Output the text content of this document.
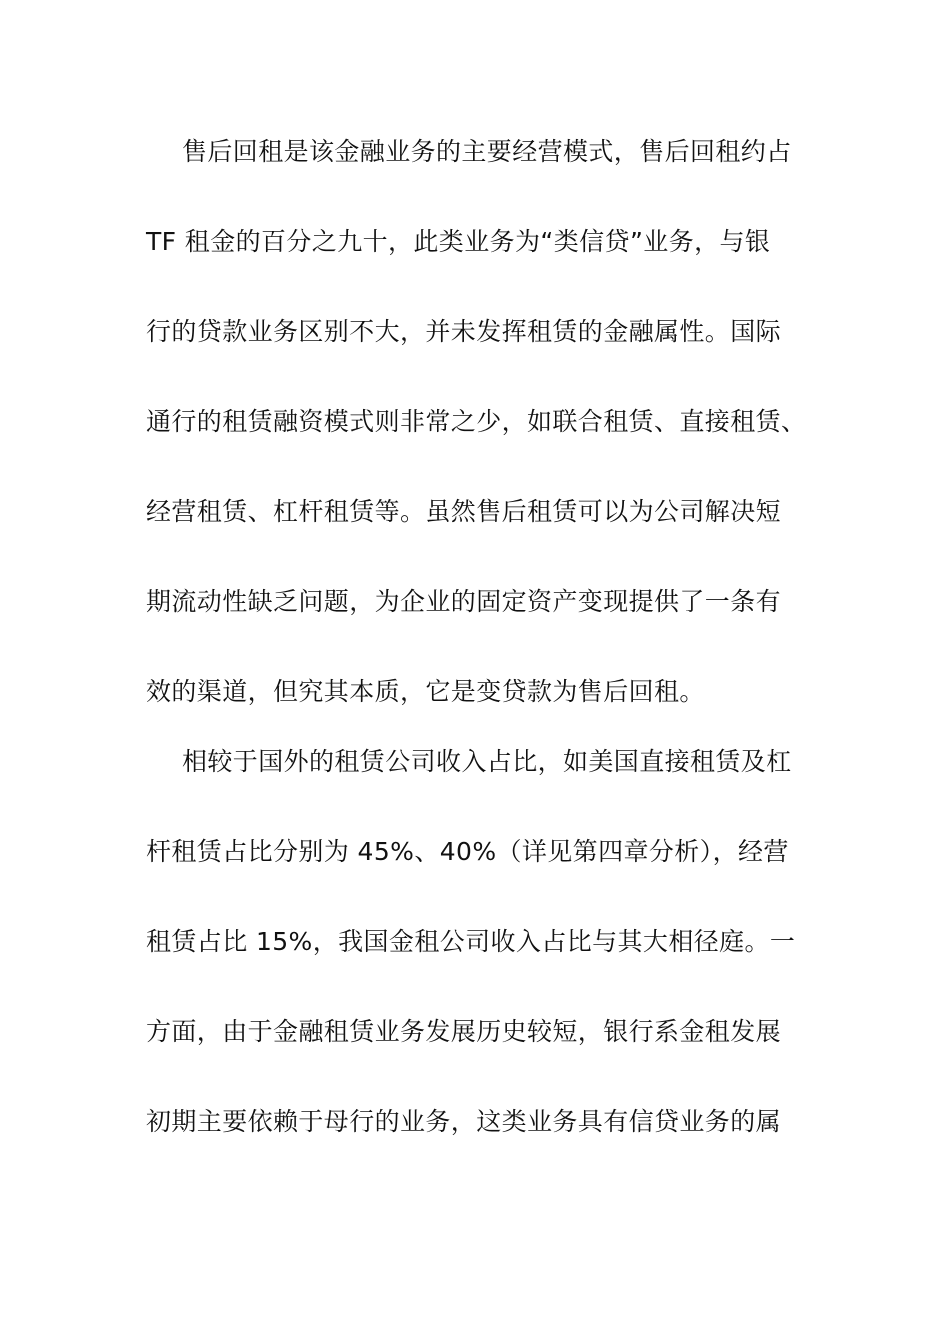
售后回租是该金融业务的主要经营模式，售后回租约占
TF 租金的百分之九十，此类业务为“类信贷”业务，与银
行的贷款业务区别不大，并未发挥租赁的金融属性。国际
通行的租赁融资模式则非常之少，如联合租赁、直接租赁、
经营租赁、杠杆租赁等。虽然售后租赁可以为公司解决短
期流动性缺乏问题，为企业的固定资产变现提供了一条有
效的渠道，但究其本质，它是变贷款为售后回租。
相较于国外的租赁公司收入占比，如美国直接租赁及杠
杆租赁占比分别为 45%、40%（详见第四章分析），经营
租赁占比 15%，我国金租公司收入占比与其大相径庭。一
方面，由于金融租赁业务发展历史较短，银行系金租发展
初期主要依赖于母行的业务，这类业务具有信贷业务的属
